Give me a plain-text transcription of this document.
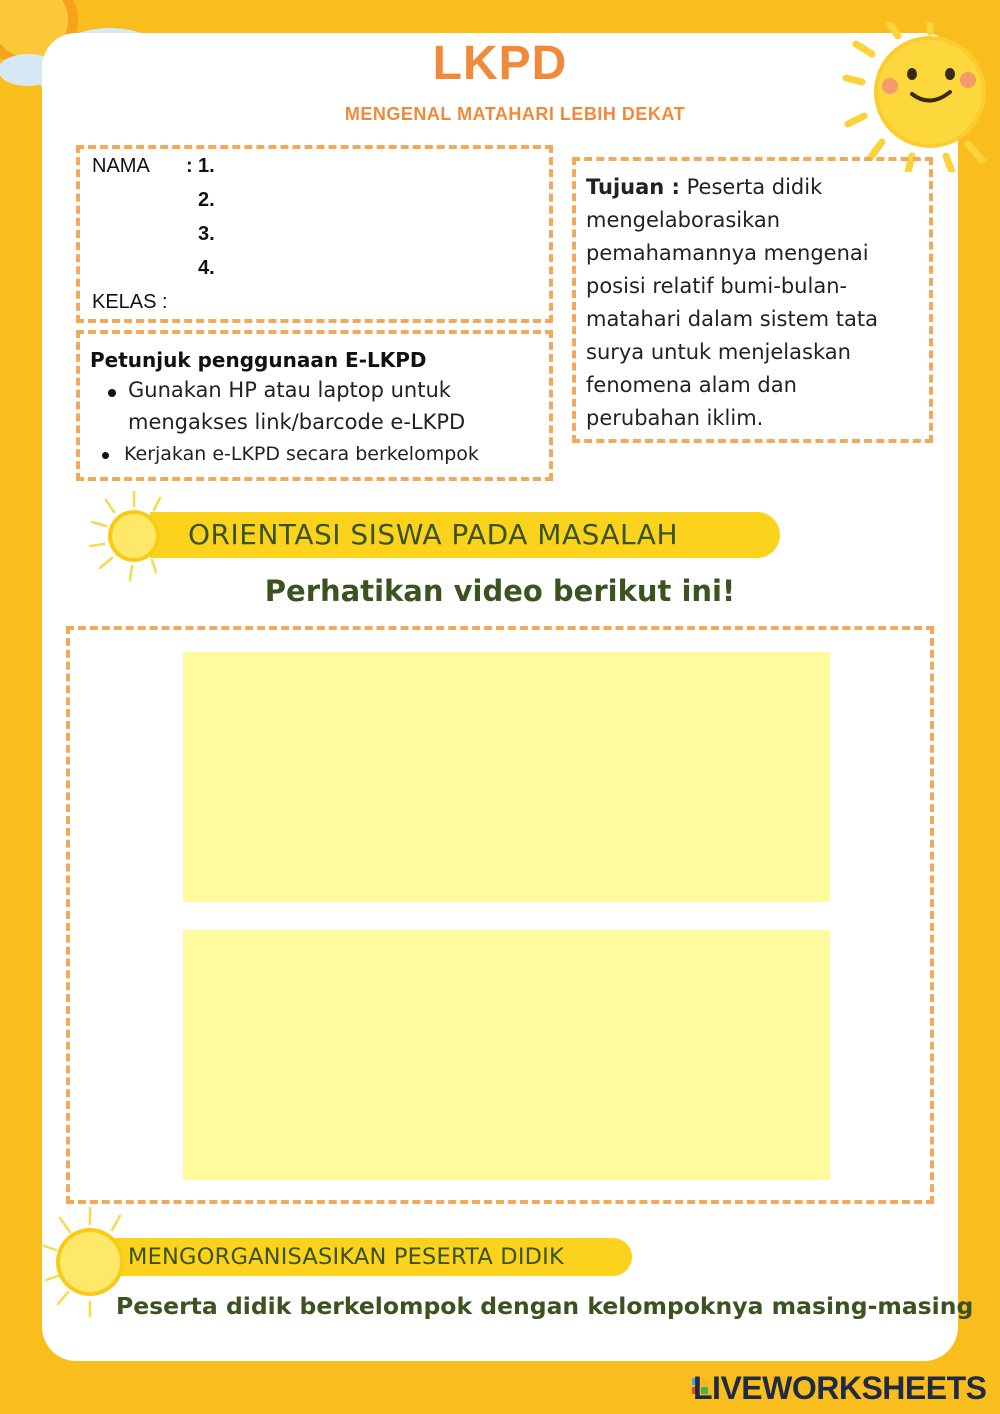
LKPD
MENGENAL MATAHARI LEBIH DEKAT
NAMA : 1.
2.
3.
4.
KELAS :
Petunjuk penggunaan E-LKPD
Gunakan HP atau laptop untuk
mengakses link/barcode e-LKPD
Kerjakan e-LKPD secara berkelompok
Tujuan : Peserta didik
mengelaborasikan
pemahamannya mengenai
posisi relatif bumi-bulan-
matahari dalam sistem tata
surya untuk menjelaskan
fenomena alam dan
perubahan iklim.
ORIENTASI SISWA PADA MASALAH
Perhatikan video berikut ini!
MENGORGANISASIKAN PESERTA DIDIK
Peserta didik berkelompok dengan kelompoknya masing-masing
LIVEWORKSHEETS
